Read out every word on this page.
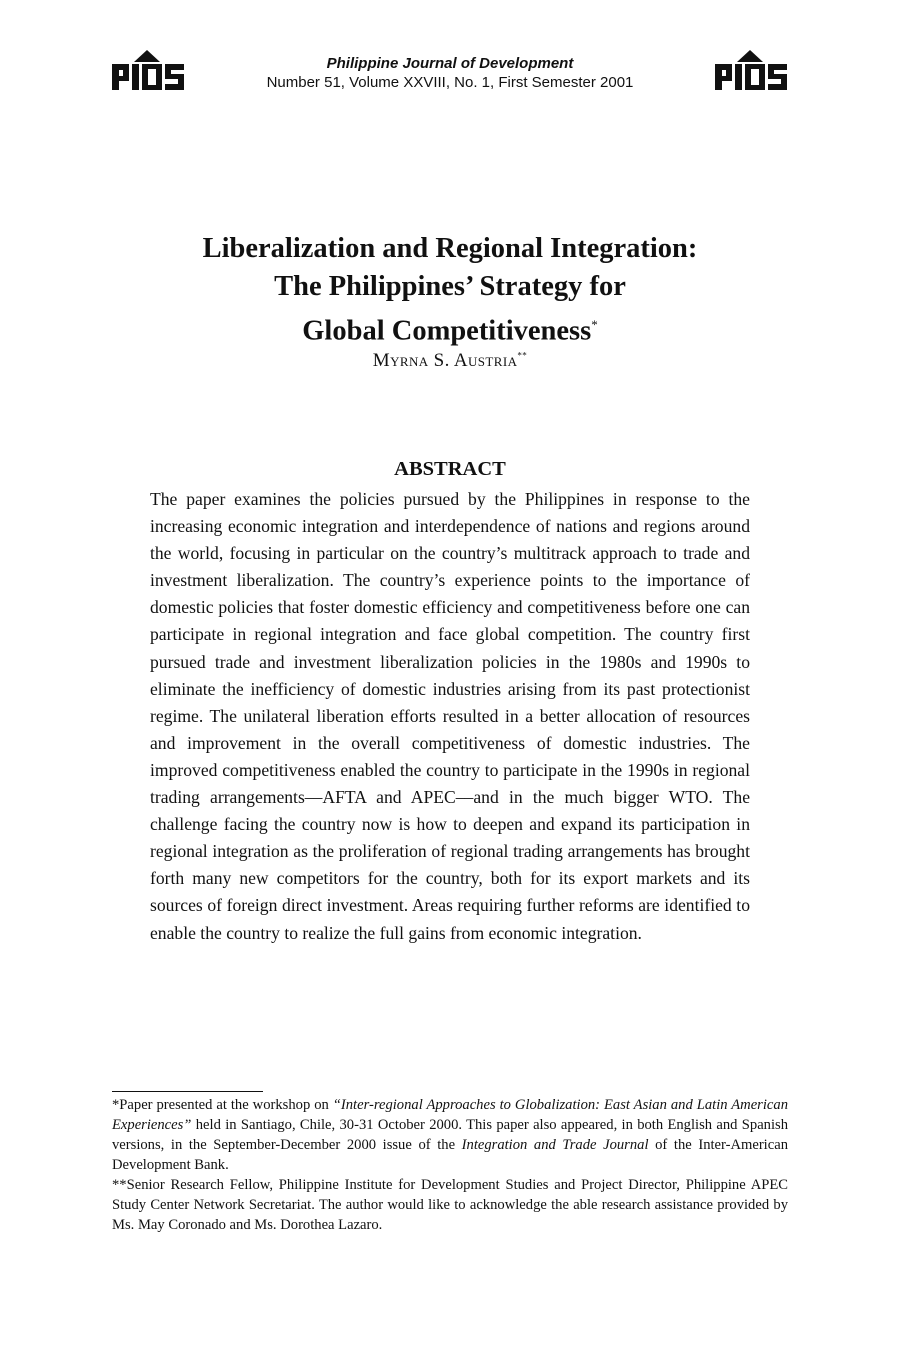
Philippine Journal of Development
Number 51, Volume XXVIII, No. 1, First Semester 2001
Liberalization and Regional Integration:
The Philippines’ Strategy for
Global Competitiveness*
Myrna S. Austria**
ABSTRACT

The paper examines the policies pursued by the Philippines in response to the increasing economic integration and interdependence of nations and regions around the world, focusing in particular on the country’s multitrack approach to trade and investment liberalization. The country’s experience points to the importance of domestic policies that foster domestic efficiency and competitiveness before one can participate in regional integration and face global competition. The country first pursued trade and investment liberalization policies in the 1980s and 1990s to eliminate the inefficiency of domestic industries arising from its past protectionist regime. The unilateral liberation efforts resulted in a better allocation of resources and improvement in the overall competitiveness of domestic industries. The improved competitiveness enabled the country to participate in the 1990s in regional trading arrangements––AFTA and APEC––and in the much bigger WTO. The challenge facing the country now is how to deepen and expand its participation in regional integration as the proliferation of regional trading arrangements has brought forth many new competitors for the country, both for its export markets and its sources of foreign direct investment. Areas requiring further reforms are identified to enable the country to realize the full gains from economic integration.

*Paper presented at the workshop on “Inter-regional Approaches to Globalization: East Asian and Latin American Experiences” held in Santiago, Chile, 30-31 October 2000. This paper also appeared, in both English and Spanish versions, in the September-December 2000 issue of the Integration and Trade Journal of the Inter-American Development Bank.

**Senior Research Fellow, Philippine Institute for Development Studies and Project Director, Philippine APEC Study Center Network Secretariat. The author would like to acknowledge the able research assistance provided by Ms. May Coronado and Ms. Dorothea Lazaro.
